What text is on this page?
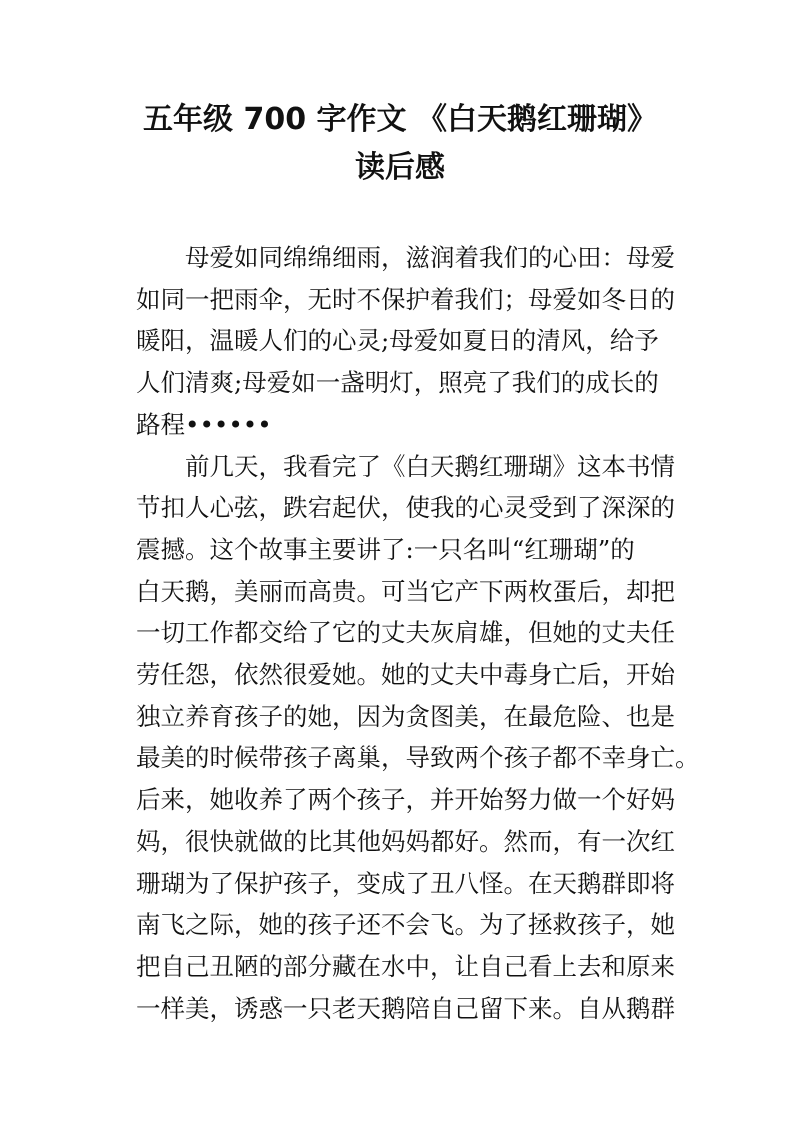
五年级 700 字作文 《白天鹅红珊瑚》
读后感
母爱如同绵绵细雨，滋润着我们的心田：母爱
如同一把雨伞，无时不保护着我们；母爱如冬日的
暖阳，温暖人们的心灵;母爱如夏日的清风，给予
人们清爽;母爱如一盏明灯，照亮了我们的成长的
路程••••••
前几天，我看完了《白天鹅红珊瑚》这本书情
节扣人心弦，跌宕起伏，使我的心灵受到了深深的
震撼。这个故事主要讲了:一只名叫“红珊瑚”的
白天鹅，美丽而高贵。可当它产下两枚蛋后，却把
一切工作都交给了它的丈夫灰肩雄，但她的丈夫任
劳任怨，依然很爱她。她的丈夫中毒身亡后，开始
独立养育孩子的她，因为贪图美，在最危险、也是
最美的时候带孩子离巢，导致两个孩子都不幸身亡。
后来，她收养了两个孩子，并开始努力做一个好妈
妈，很快就做的比其他妈妈都好。然而，有一次红
珊瑚为了保护孩子，变成了丑八怪。在天鹅群即将
南飞之际，她的孩子还不会飞。为了拯救孩子，她
把自己丑陋的部分藏在水中，让自己看上去和原来
一样美，诱惑一只老天鹅陪自己留下来。自从鹅群
